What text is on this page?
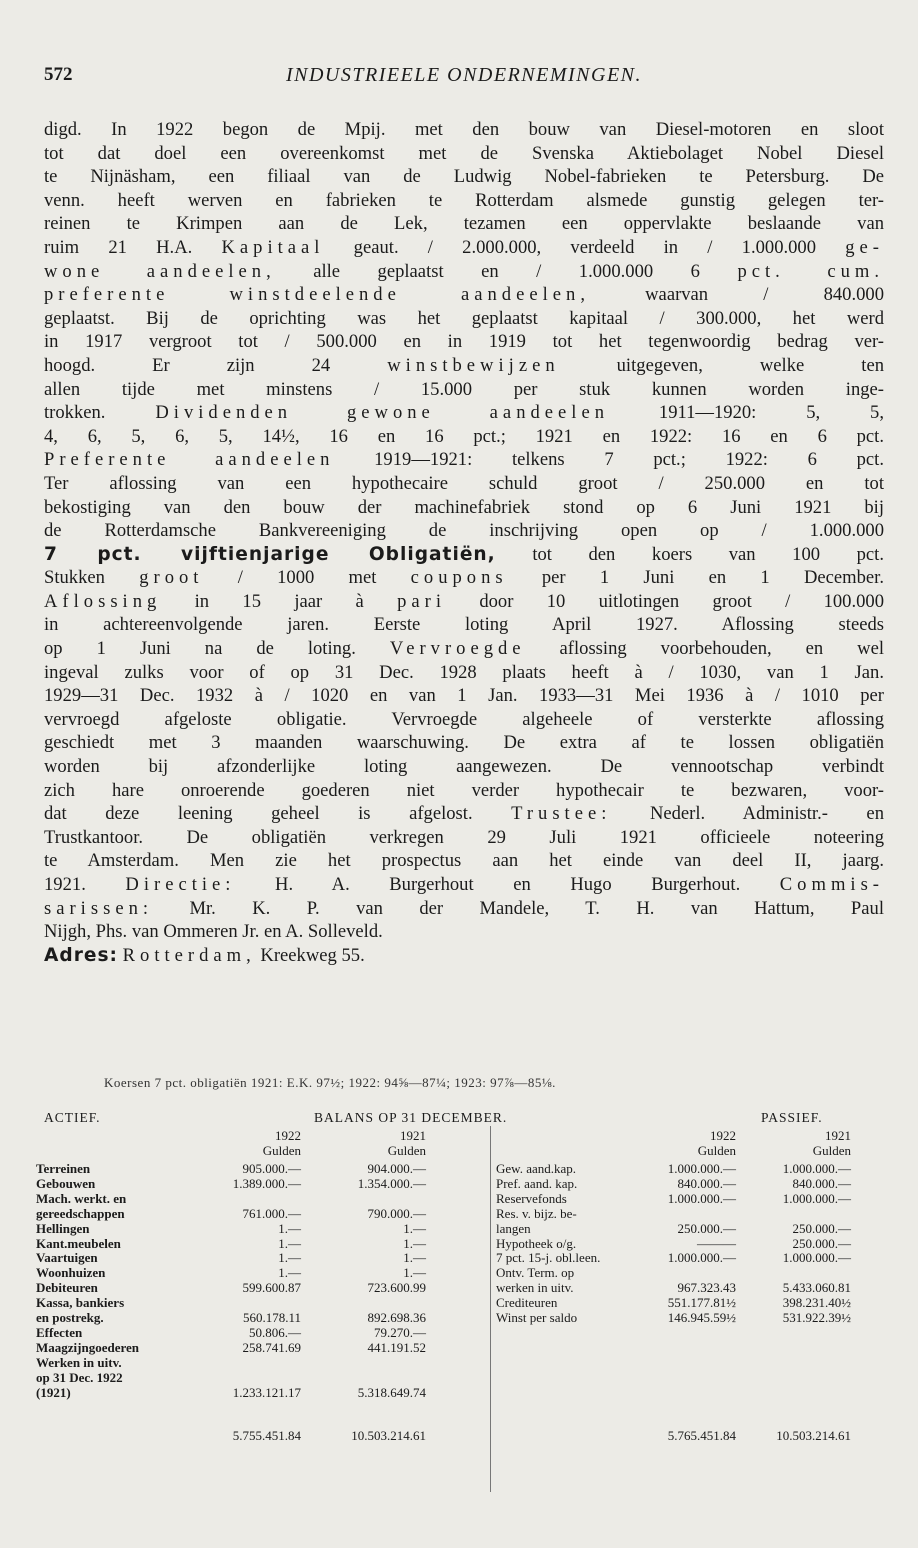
572	INDUSTRIEELE ONDERNEMINGEN.
digd. In 1922 begon de Mpij. met den bouw van Diesel-motoren en sloot
tot dat doel een overeenkomst met de Svenska Aktiebolaget Nobel Diesel
te Nijnäsham, een filiaal van de Ludwig Nobel-fabrieken te Petersburg. De
venn. heeft werven en fabrieken te Rotterdam alsmede gunstig gelegen ter-
reinen te Krimpen aan de Lek, tezamen een oppervlakte beslaande van
ruim 21 H.A. Kapitaal geaut. / 2.000.000, verdeeld in / 1.000.000 ge-
wone aandeelen, alle geplaatst en / 1.000.000 6 pct. cum.
preferente winstdeelende aandeelen, waarvan / 840.000
geplaatst. Bij de oprichting was het geplaatst kapitaal / 300.000, het werd
in 1917 vergroot tot / 500.000 en in 1919 tot het tegenwoordig bedrag ver-
hoogd. Er zijn 24 winstbewijzen uitgegeven, welke ten
allen tijde met minstens / 15.000 per stuk kunnen worden inge-
trokken. Dividenden gewone aandeelen 1911—1920: 5, 5,
4, 6, 5, 6, 5, 14½, 16 en 16 pct.; 1921 en 1922: 16 en 6 pct.
Preferente aandeelen 1919—1921: telkens 7 pct.; 1922: 6 pct.
Ter aflossing van een hypothecaire schuld groot / 250.000 en tot
bekostiging van den bouw der machinefabriek stond op 6 Juni 1921 bij
de Rotterdamsche Bankvereeniging de inschrijving open op / 1.000.000
7 pct. vijftienjarige Obligatiën, tot den koers van 100 pct.
Stukken groot / 1000 met coupons per 1 Juni en 1 December.
Aflossing in 15 jaar à pari door 10 uitlotingen groot / 100.000
in achtereenvolgende jaren. Eerste loting April 1927. Aflossing steeds
op 1 Juni na de loting. Vervroegde aflossing voorbehouden, en wel
ingeval zulks voor of op 31 Dec. 1928 plaats heeft à / 1030, van 1 Jan.
1929—31 Dec. 1932 à / 1020 en van 1 Jan. 1933—31 Mei 1936 à / 1010 per
vervroegd afgeloste obligatie. Vervroegde algeheele of versterkte aflossing
geschiedt met 3 maanden waarschuwing. De extra af te lossen obligatiën
worden bij afzonderlijke loting aangewezen. De vennootschap verbindt
zich hare onroerende goederen niet verder hypothecair te bezwaren, voor-
dat deze leening geheel is afgelost. Trustee: Nederl. Administr.- en
Trustkantoor. De obligatiën verkregen 29 Juli 1921 officieele noteering
te Amsterdam. Men zie het prospectus aan het einde van deel II, jaarg.
1921. Directie: H. A. Burgerhout en Hugo Burgerhout. Commis-
sarissen: Mr. K. P. van der Mandele, T. H. van Hattum, Paul
Nijgh, Phs. van Ommeren Jr. en A. Solleveld.
Adres: Rotterdam, Kreekweg 55.
Koersen 7 pct. obligatiën 1921: E.K. 97½; 1922: 94⅝—87¼; 1923: 97⅞—85⅛.
ACTIEF.	BALANS OP 31 DECEMBER.	PASSIEF.
1922	1921
Gulden	Gulden
1922	1921
Gulden	Gulden
Terreinen	905.000.—	904.000.—
Gebouwen	1.389.000.—	1.354.000.—
Mach. werkt. en
gereedschappen	761.000.—	790.000.—
Hellingen	1.—	1.—
Kant.meubelen	1.—	1.—
Vaartuigen	1.—	1.—
Woonhuizen	1.—	1.—
Debiteuren	599.600.87	723.600.99
Kassa, bankiers
en postrekg.	560.178.11	892.698.36
Effecten	50.806.—	79.270.—
Maagzijngoederen	258.741.69	441.191.52
Werken in uitv.
op 31 Dec. 1922
(1921)	1.233.121.17	5.318.649.74
Gew. aand.kap.	1.000.000.—	1.000.000.—
Pref. aand. kap.	840.000.—	840.000.—
Reservefonds	1.000.000.—	1.000.000.—
Res. v. bijz. be-
langen	250.000.—	250.000.—
Hypotheek o/g.	———	250.000.—
7 pct. 15-j. obl.leen.	1.000.000.—	1.000.000.—
Ontv. Term. op
werken in uitv.	967.323.43	5.433.060.81
Crediteuren	551.177.81½	398.231.40½
Winst per saldo	146.945.59½	531.922.39½
5.755.451.84	10.503.214.61	5.765.451.84	10.503.214.61
